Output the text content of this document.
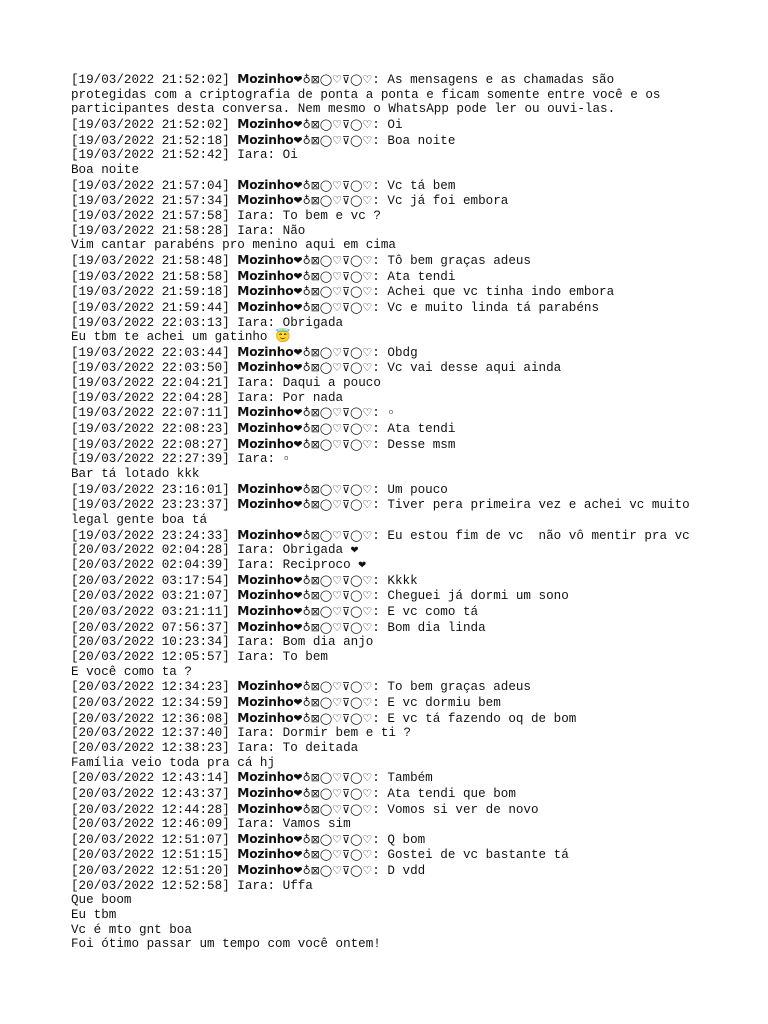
[19/03/2022 21:52:02] Mozinho❤♁⊠◯♡⊽◯♡: As mensagens e as chamadas são protegidas com a criptografia de ponta a ponta e ficam somente entre você e os participantes desta conversa. Nem mesmo o WhatsApp pode ler ou ouvi-las.
[19/03/2022 21:52:02] Mozinho❤♁⊠◯♡⊽◯♡: Oi
[19/03/2022 21:52:18] Mozinho❤♁⊠◯♡⊽◯♡: Boa noite
[19/03/2022 21:52:42] Iara: Oi
Boa noite
[19/03/2022 21:57:04] Mozinho❤♁⊠◯♡⊽◯♡: Vc tá bem
[19/03/2022 21:57:34] Mozinho❤♁⊠◯♡⊽◯♡: Vc já foi embora
[19/03/2022 21:57:58] Iara: To bem e vc ?
[19/03/2022 21:58:28] Iara: Não
Vim cantar parabéns pro menino aqui em cima
[19/03/2022 21:58:48] Mozinho❤♁⊠◯♡⊽◯♡: Tô bem graças adeus
[19/03/2022 21:58:58] Mozinho❤♁⊠◯♡⊽◯♡: Ata tendi
[19/03/2022 21:59:18] Mozinho❤♁⊠◯♡⊽◯♡: Achei que vc tinha indo embora
[19/03/2022 21:59:44] Mozinho❤♁⊠◯♡⊽◯♡: Vc e muito linda tá parabéns
[19/03/2022 22:03:13] Iara: Obrigada
Eu tbm te achei um gatinho 😇
[19/03/2022 22:03:44] Mozinho❤♁⊠◯♡⊽◯♡: Obdg
[19/03/2022 22:03:50] Mozinho❤♁⊠◯♡⊽◯♡: Vc vai desse aqui ainda
[19/03/2022 22:04:21] Iara: Daqui a pouco
[19/03/2022 22:04:28] Iara: Por nada
[19/03/2022 22:07:11] Mozinho❤♁⊠◯♡⊽◯♡: ▫
[19/03/2022 22:08:23] Mozinho❤♁⊠◯♡⊽◯♡: Ata tendi
[19/03/2022 22:08:27] Mozinho❤♁⊠◯♡⊽◯♡: Desse msm
[19/03/2022 22:27:39] Iara: ▫
Bar tá lotado kkk
[19/03/2022 23:16:01] Mozinho❤♁⊠◯♡⊽◯♡: Um pouco
[19/03/2022 23:23:37] Mozinho❤♁⊠◯♡⊽◯♡: Tiver pera primeira vez e achei vc muito legal gente boa tá
[19/03/2022 23:24:33] Mozinho❤♁⊠◯♡⊽◯♡: Eu estou fim de vc  não vô mentir pra vc
[20/03/2022 02:04:28] Iara: Obrigada ❤
[20/03/2022 02:04:39] Iara: Reciproco ❤
[20/03/2022 03:17:54] Mozinho❤♁⊠◯♡⊽◯♡: Kkkk
[20/03/2022 03:21:07] Mozinho❤♁⊠◯♡⊽◯♡: Cheguei já dormi um sono
[20/03/2022 03:21:11] Mozinho❤♁⊠◯♡⊽◯♡: E vc como tá
[20/03/2022 07:56:37] Mozinho❤♁⊠◯♡⊽◯♡: Bom dia linda
[20/03/2022 10:23:34] Iara: Bom dia anjo
[20/03/2022 12:05:57] Iara: To bem
E você como ta ?
[20/03/2022 12:34:23] Mozinho❤♁⊠◯♡⊽◯♡: To bem graças adeus
[20/03/2022 12:34:59] Mozinho❤♁⊠◯♡⊽◯♡: E vc dormiu bem
[20/03/2022 12:36:08] Mozinho❤♁⊠◯♡⊽◯♡: E vc tá fazendo oq de bom
[20/03/2022 12:37:40] Iara: Dormir bem e ti ?
[20/03/2022 12:38:23] Iara: To deitada
Família veio toda pra cá hj
[20/03/2022 12:43:14] Mozinho❤♁⊠◯♡⊽◯♡: Também
[20/03/2022 12:43:37] Mozinho❤♁⊠◯♡⊽◯♡: Ata tendi que bom
[20/03/2022 12:44:28] Mozinho❤♁⊠◯♡⊽◯♡: Vomos si ver de novo
[20/03/2022 12:46:09] Iara: Vamos sim
[20/03/2022 12:51:07] Mozinho❤♁⊠◯♡⊽◯♡: Q bom
[20/03/2022 12:51:15] Mozinho❤♁⊠◯♡⊽◯♡: Gostei de vc bastante tá
[20/03/2022 12:51:20] Mozinho❤♁⊠◯♡⊽◯♡: D vdd
[20/03/2022 12:52:58] Iara: Uffa
Que boom
Eu tbm
Vc é mto gnt boa
Foi ótimo passar um tempo com você ontem!
